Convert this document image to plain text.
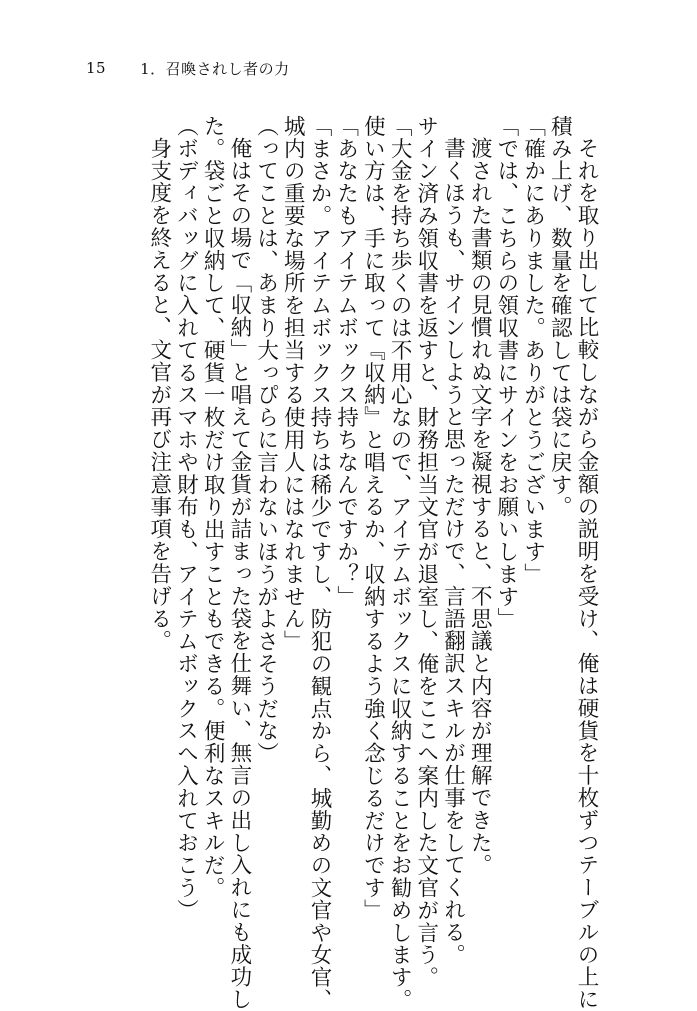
15 1．召喚されし者の力
それを取り出して比較しながら金額の説明を受け、俺は硬貨を十枚ずつテーブルの上に
積み上げ、数量を確認しては袋に戻す。
「確かにありました。ありがとうございます」
「では、こちらの領収書にサインをお願いします」
渡された書類の見慣れぬ文字を凝視すると、不思議と内容が理解できた。
書くほうも、サインしようと思っただけで、言語翻訳スキルが仕事をしてくれる。
サイン済み領収書を返すと、財務担当文官が退室し、俺をここへ案内した文官が言う。
「大金を持ち歩くのは不用心なので、アイテムボックスに収納することをお勧めします。
使い方は、手に取って『収納』と唱えるか、収納するよう強く念じるだけです」
「あなたもアイテムボックス持ちなんですか？」
「まさか。アイテムボックス持ちは稀少ですし、防犯の観点から、城勤めの文官や女官、
城内の重要な場所を担当する使用人にはなれません」
（ってことは、あまり大っぴらに言わないほうがよさそうだな）
俺はその場で「収納」と唱えて金貨が詰まった袋を仕舞い、無言の出し入れにも成功し
た。袋ごと収納して、硬貨一枚だけ取り出すこともできる。便利なスキルだ。
（ボディバッグに入れてるスマホや財布も、アイテムボックスへ入れておこう）
身支度を終えると、文官が再び注意事項を告げる。
